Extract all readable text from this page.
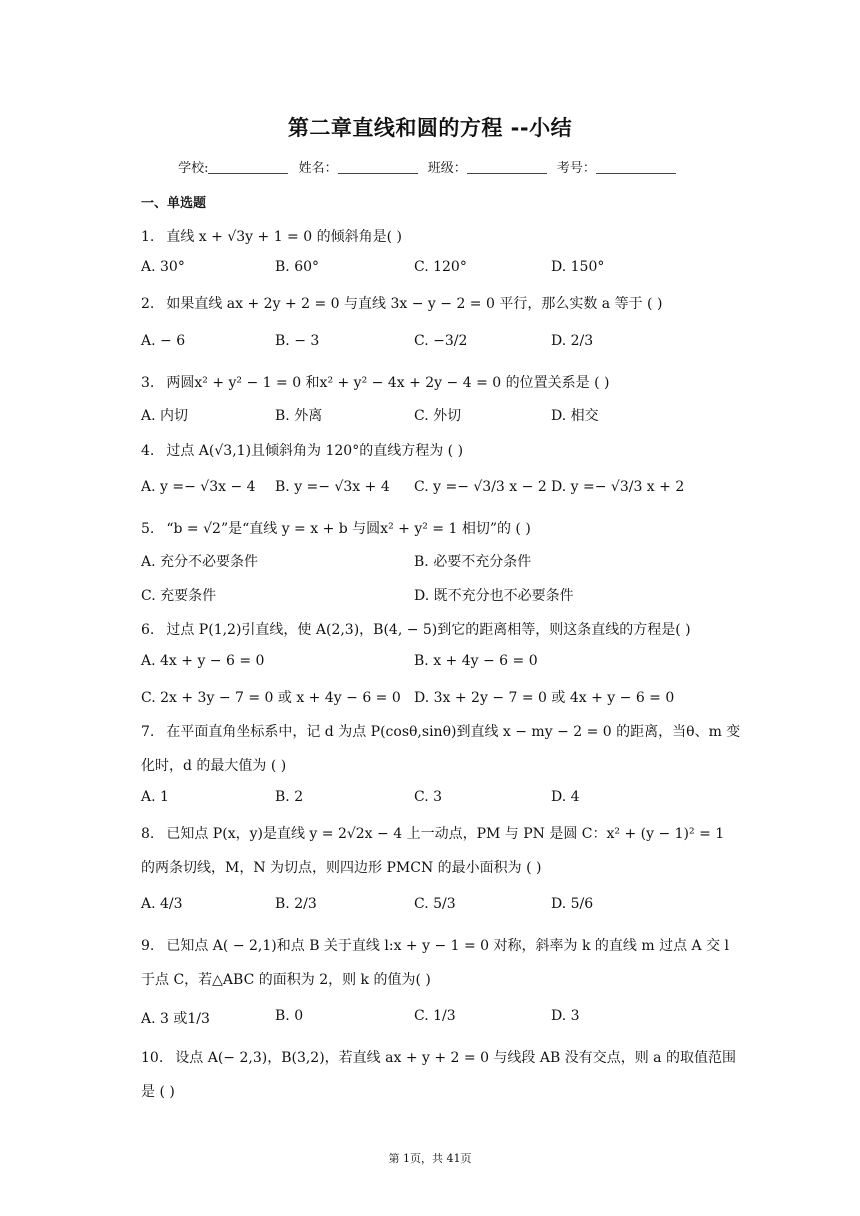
第二章直线和圆的方程 --小结
学校:	姓名：	班级：	考号：
一、单选题
1. 直线 x + √3y + 1 = 0 的倾斜角是( )
A. 30°	B. 60°	C. 120°	D. 150°
2. 如果直线 ax + 2y + 2 = 0 与直线 3x − y − 2 = 0 平行，那么实数 a 等于 ( )
A. − 6	B. − 3	C. −3/2	D. 2/3
3. 两圆x² + y² − 1 = 0 和x² + y² − 4x + 2y − 4 = 0 的位置关系是 ( )
A. 内切	B. 外离	C. 外切	D. 相交
4. 过点 A(√3,1)且倾斜角为 120°的直线方程为 ( )
A. y =− √3x − 4 B. y =− √3x + 4 C. y =− √3/3 x − 2 D. y =− √3/3 x + 2
5. “b = √2”是“直线 y = x + b 与圆x² + y² = 1 相切”的 ( )
A. 充分不必要条件	B. 必要不充分条件
C. 充要条件	D. 既不充分也不必要条件
6. 过点 P(1,2)引直线，使 A(2,3)，B(4, − 5)到它的距离相等，则这条直线的方程是( )
A. 4x + y − 6 = 0	B. x + 4y − 6 = 0
C. 2x + 3y − 7 = 0 或 x + 4y − 6 = 0 D. 3x + 2y − 7 = 0 或 4x + y − 6 = 0
7. 在平面直角坐标系中，记 d 为点 P(cosθ,sinθ)到直线 x − my − 2 = 0 的距离，当θ、m 变
化时，d 的最大值为 ( )
A. 1	B. 2	C. 3	D. 4
8. 已知点 P(x，y)是直线 y = 2√2x − 4 上一动点，PM 与 PN 是圆 C：x² + (y − 1)² = 1
的两条切线，M，N 为切点，则四边形 PMCN 的最小面积为 ( )
A. 4/3	B. 2/3	C. 5/3	D. 5/6
9. 已知点 A( − 2,1)和点 B 关于直线 l:x + y − 1 = 0 对称，斜率为 k 的直线 m 过点 A 交 l
于点 C，若△ABC 的面积为 2，则 k 的值为( )
A. 3 或1/3	B. 0	C. 1/3	D. 3
10. 设点 A(− 2,3)，B(3,2)，若直线 ax + y + 2 = 0 与线段 AB 没有交点，则 a 的取值范围
是 ( )
第 1页，共 41页
